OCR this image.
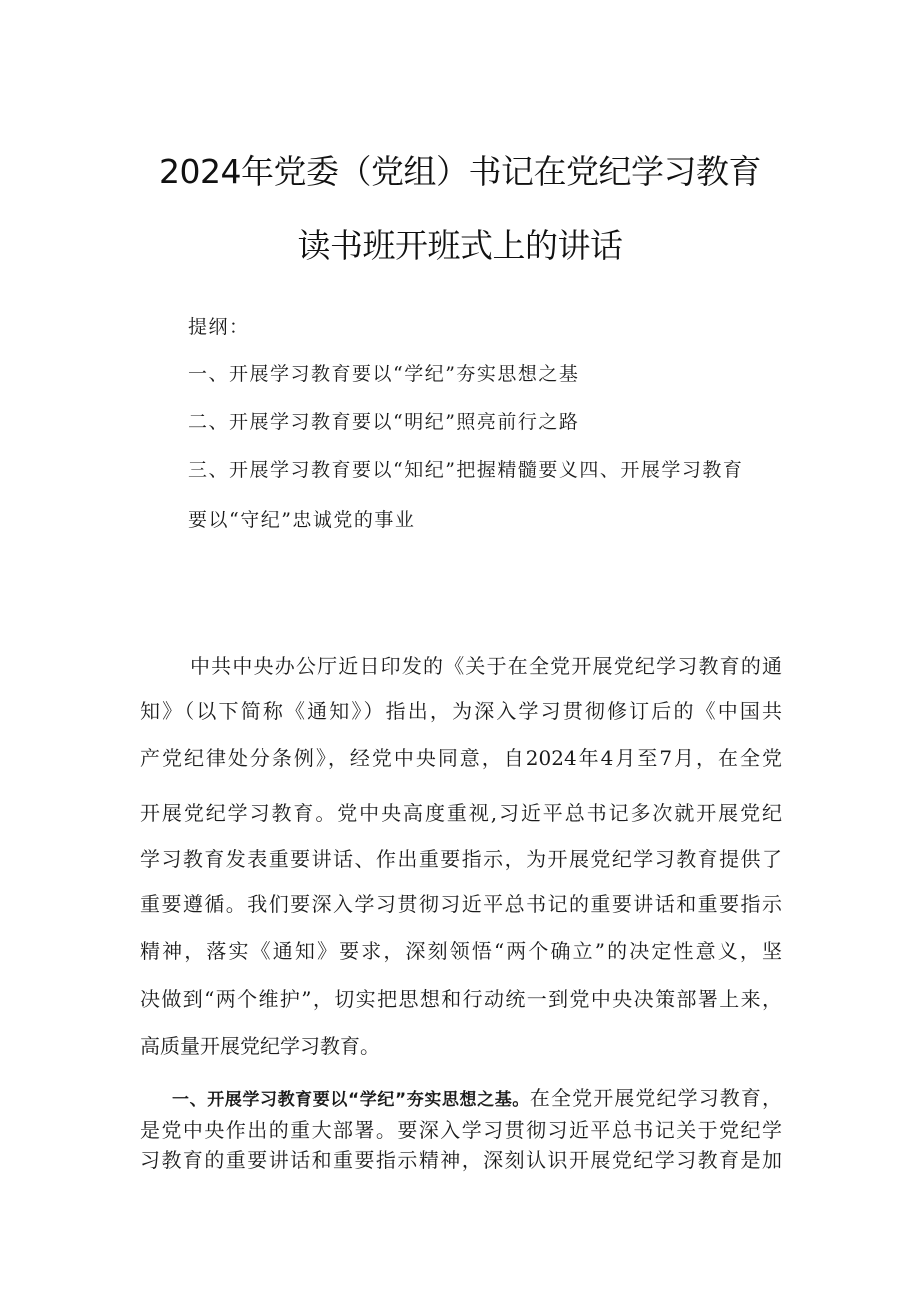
2024年党委（党组）书记在党纪学习教育
读书班开班式上的讲话
提纲：
一、开展学习教育要以“学纪”夯实思想之基
二、开展学习教育要以“明纪”照亮前行之路
三、开展学习教育要以“知纪”把握精髓要义四、开展学习教育
要以“守纪”忠诚党的事业
中共中央办公厅近日印发的《关于在全党开展党纪学习教育的通
知》（以下简称《通知》）指出，为深入学习贯彻修订后的《中国共
产党纪律处分条例》，经党中央同意，自2024年4月至7月，在全党
开展党纪学习教育。党中央高度重视,习近平总书记多次就开展党纪
学习教育发表重要讲话、作出重要指示，为开展党纪学习教育提供了
重要遵循。我们要深入学习贯彻习近平总书记的重要讲话和重要指示
精神，落实《通知》要求，深刻领悟“两个确立”的决定性意义，坚
决做到“两个维护”，切实把思想和行动统一到党中央决策部署上来，
高质量开展党纪学习教育。
一、开展学习教育要以“学纪”夯实思想之基。在全党开展党纪学习教育，
是党中央作出的重大部署。要深入学习贯彻习近平总书记关于党纪学
习教育的重要讲话和重要指示精神，深刻认识开展党纪学习教育是加
